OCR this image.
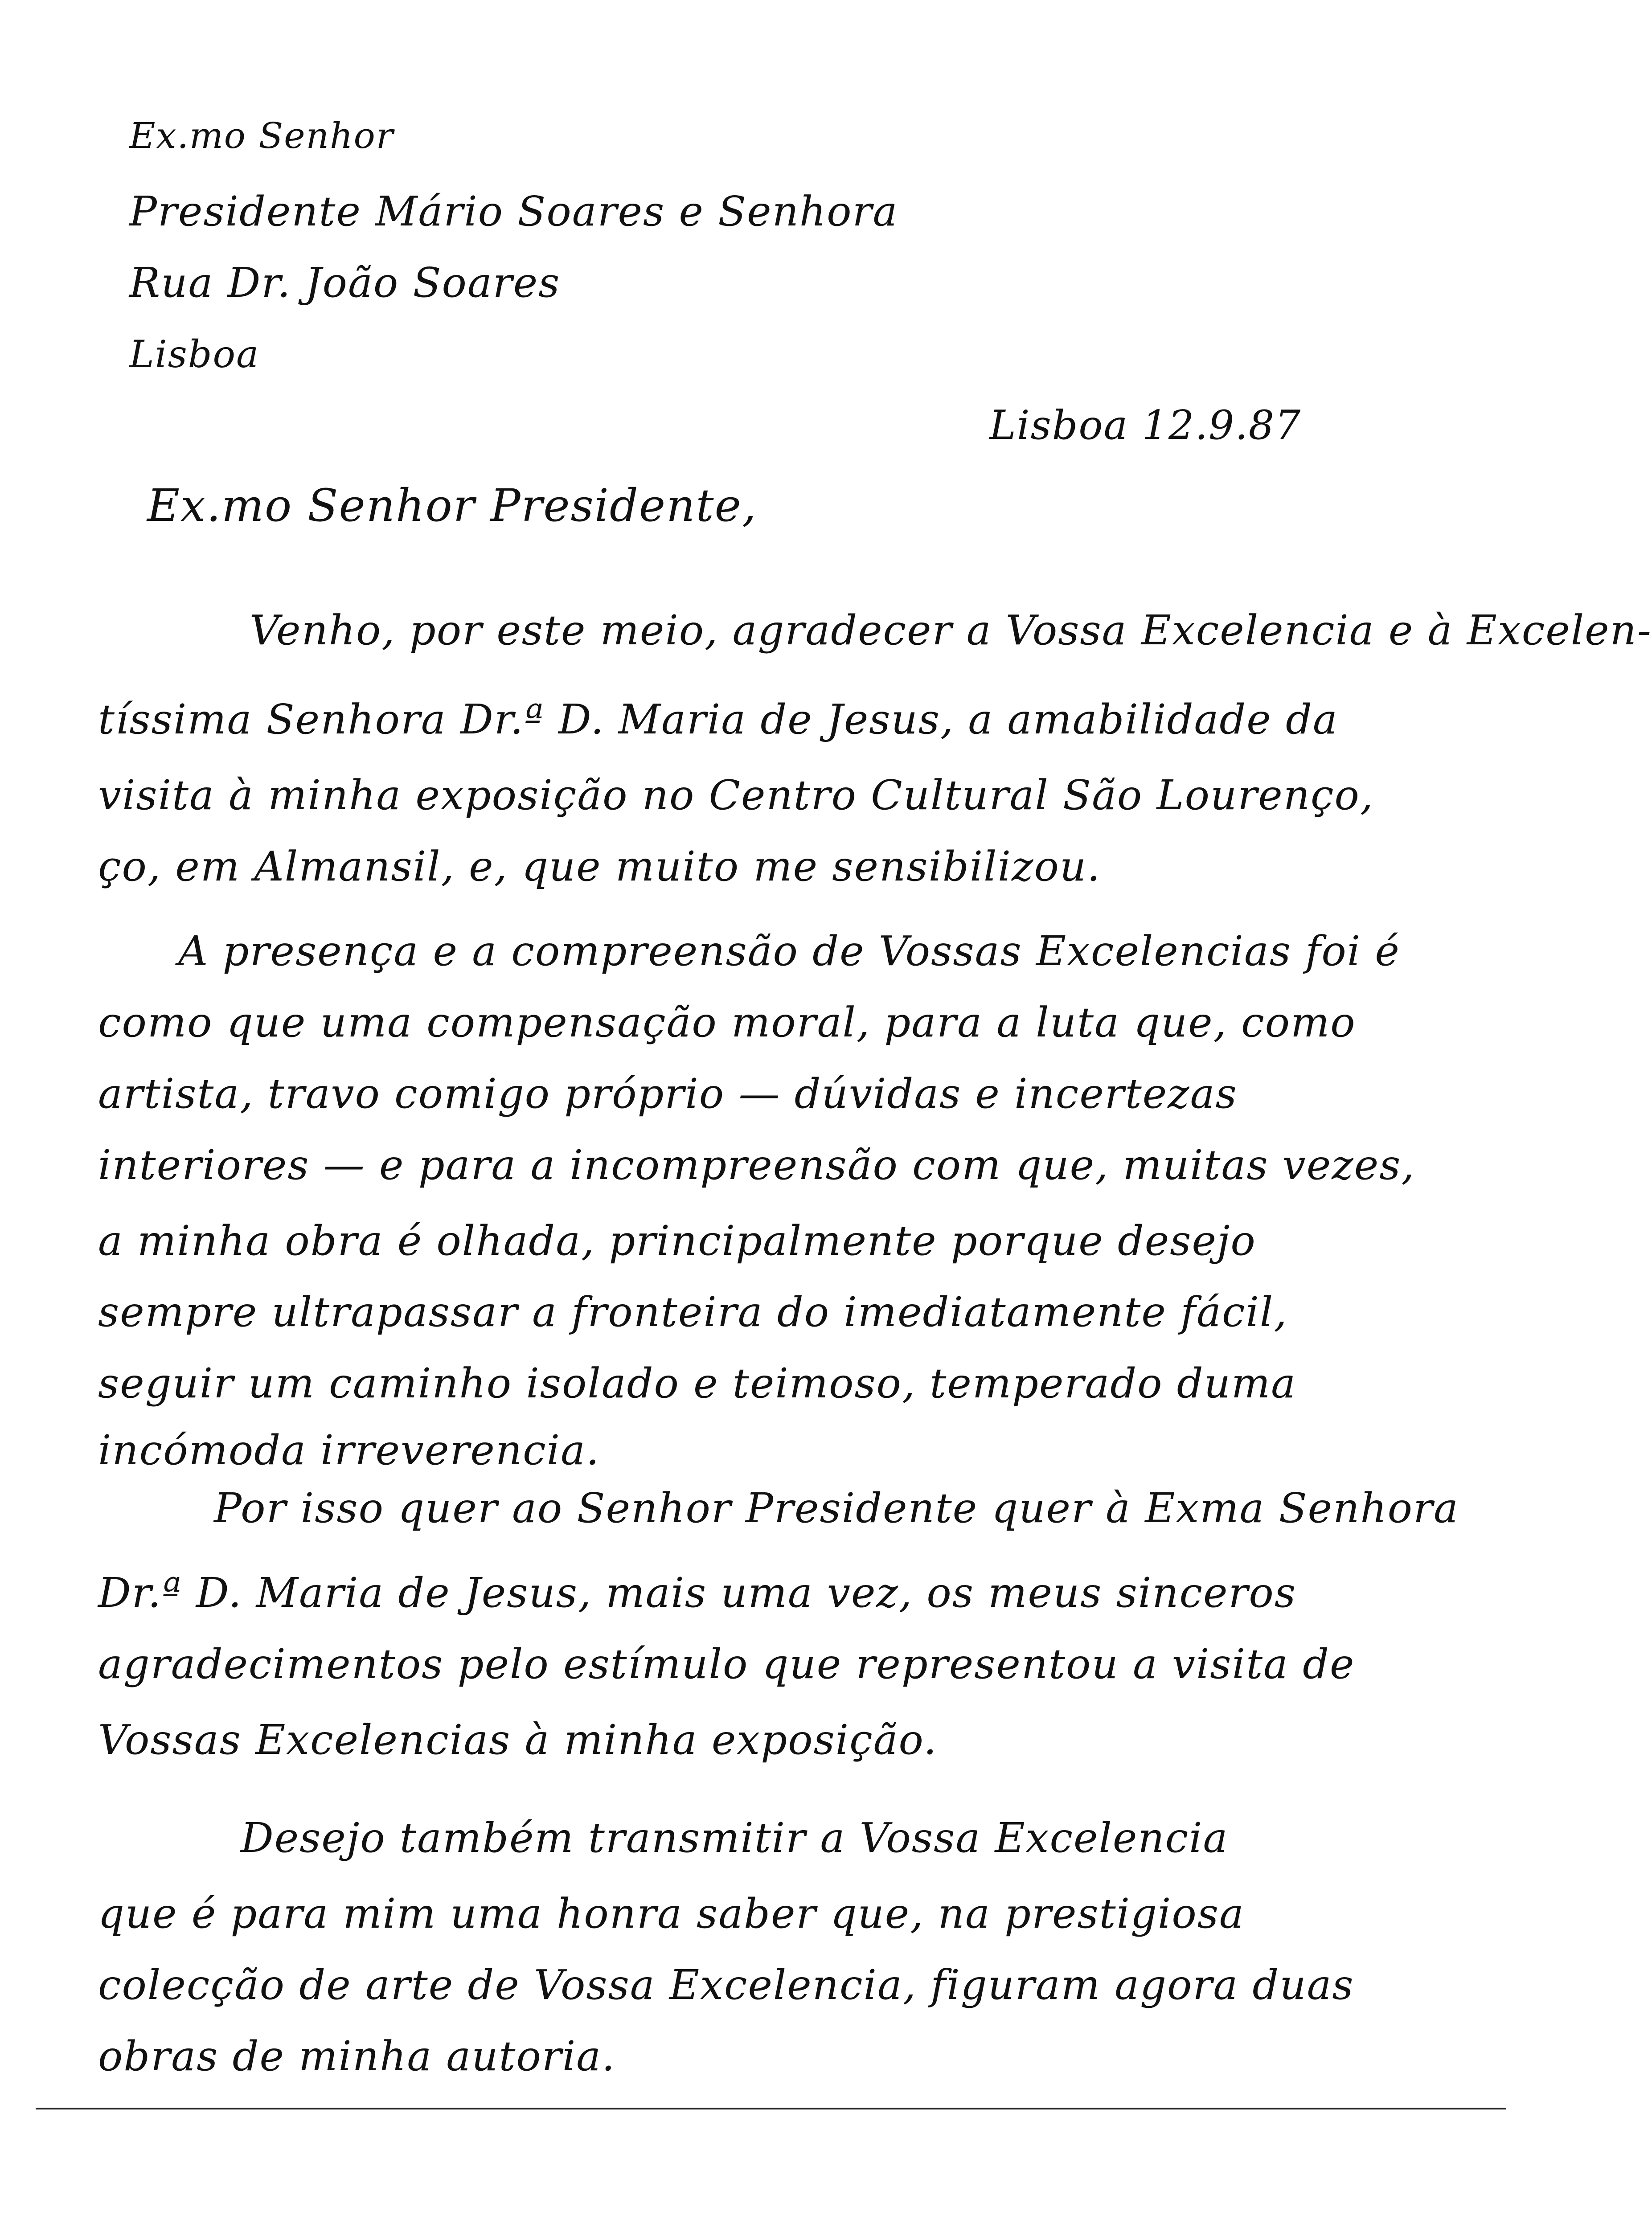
Ex.mo Senhor
Presidente Mário Soares e Senhora
Rua Dr. João Soares
Lisboa
Lisboa 12.9.87
Ex.mo Senhor Presidente,
Venho, por este meio, agradecer a Vossa Excelencia e à Excelen-
tíssima Senhora Dr.ª D. Maria de Jesus, a amabilidade da
visita à minha exposição no Centro Cultural São Lourenço,
ço, em Almansil, e, que muito me sensibilizou.
A presença e a compreensão de Vossas Excelencias foi é
como que uma compensação moral, para a luta que, como
artista, travo comigo próprio — dúvidas e incertezas
interiores — e para a incompreensão com que, muitas vezes,
a minha obra é olhada, principalmente porque desejo
sempre ultrapassar a fronteira do imediatamente fácil,
seguir um caminho isolado e teimoso, temperado duma
incómoda irreverencia.
Por isso quer ao Senhor Presidente quer à Exma Senhora
Dr.ª D. Maria de Jesus, mais uma vez, os meus sinceros
agradecimentos pelo estímulo que representou a visita de
Vossas Excelencias à minha exposição.
Desejo também transmitir a Vossa Excelencia
que é para mim uma honra saber que, na prestigiosa
colecção de arte de Vossa Excelencia, figuram agora duas
obras de minha autoria.
